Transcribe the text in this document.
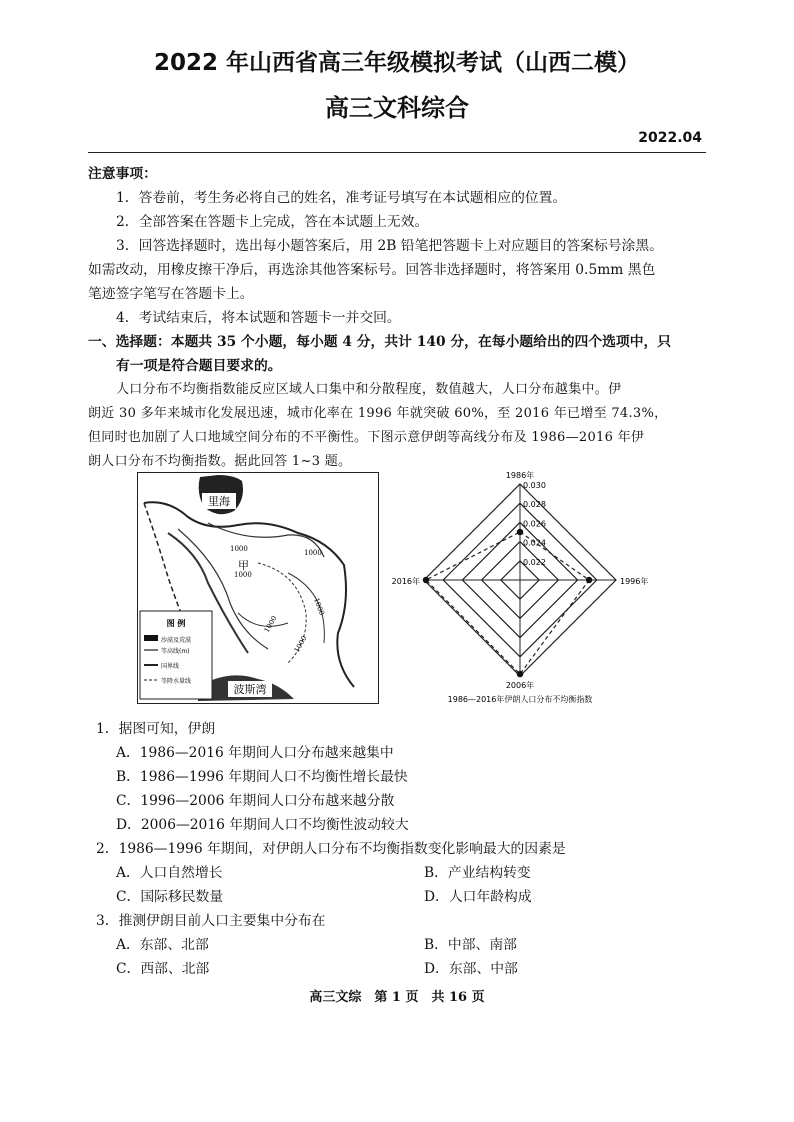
2022 年山西省高三年级模拟考试（山西二模）
高三文科综合
2022.04
注意事项：
1．答卷前，考生务必将自己的姓名，准考证号填写在本试题相应的位置。
2．全部答案在答题卡上完成，答在本试题上无效。
3．回答选择题时，选出每小题答案后，用 2B 铅笔把答题卡上对应题目的答案标号涂黑。
如需改动，用橡皮擦干净后，再选涂其他答案标号。回答非选择题时，将答案用 0.5mm 黑色
笔迹签字笔写在答题卡上。
4．考试结束后，将本试题和答题卡一并交回。
一、选择题：本题共 35 个小题，每小题 4 分，共计 140 分，在每小题给出的四个选项中，只
有一项是符合题目要求的。
人口分布不均衡指数能反应区域人口集中和分散程度，数值越大，人口分布越集中。伊
朗近 30 多年来城市化发展迅速，城市化率在 1996 年就突破 60%，至 2016 年已增至 74.3%，
但同时也加剧了人口地域空间分布的不平衡性。下图示意伊朗等高线分布及 1986—2016 年伊
朗人口分布不均衡指数。据此回答 1~3 题。
图 例
沙漠及荒漠
等高线(m)
国界线
等降水量线
里海
波斯湾
甲
1000	1000
1000
1000
1000
1000
0.022
0.024
0.026
0.028
0.030
1986年
1996年
2006年
2016年
1986—2016年伊朗人口分布不均衡指数
1．据图可知，伊朗
A．1986—2016 年期间人口分布越来越集中
B．1986—1996 年期间人口不均衡性增长最快
C．1996—2006 年期间人口分布越来越分散
D．2006—2016 年期间人口不均衡性波动较大
2．1986—1996 年期间，对伊朗人口分布不均衡指数变化影响最大的因素是
A．人口自然增长	B．产业结构转变
C．国际移民数量	D．人口年龄构成
3．推测伊朗目前人口主要集中分布在
A．东部、北部	B．中部、南部
C．西部、北部	D．东部、中部
高三文综　第 1 页　共 16 页
